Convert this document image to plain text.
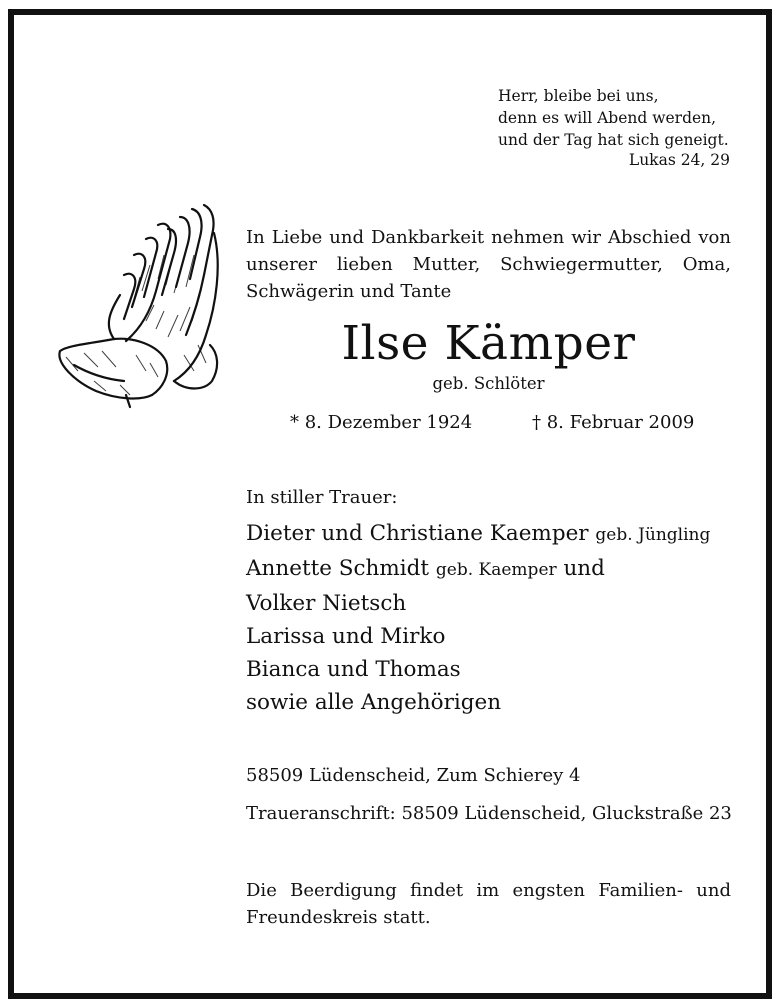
Herr, bleibe bei uns,
denn es will Abend werden,
und der Tag hat sich geneigt.
Lukas 24, 29
In Liebe und Dankbarkeit nehmen wir Abschied von unserer lieben Mutter, Schwiegermutter, Oma, Schwägerin und Tante
Ilse Kämper
geb. Schlöter
* 8. Dezember 1924	† 8. Februar 2009
In stiller Trauer:
Dieter und Christiane Kaemper geb. Jüngling
Annette Schmidt geb. Kaemper und
Volker Nietsch
Larissa und Mirko
Bianca und Thomas
sowie alle Angehörigen
58509 Lüdenscheid, Zum Schierey 4
Traueranschrift: 58509 Lüdenscheid, Gluckstraße 23
Die Beerdigung findet im engsten Familien- und Freundeskreis statt.
